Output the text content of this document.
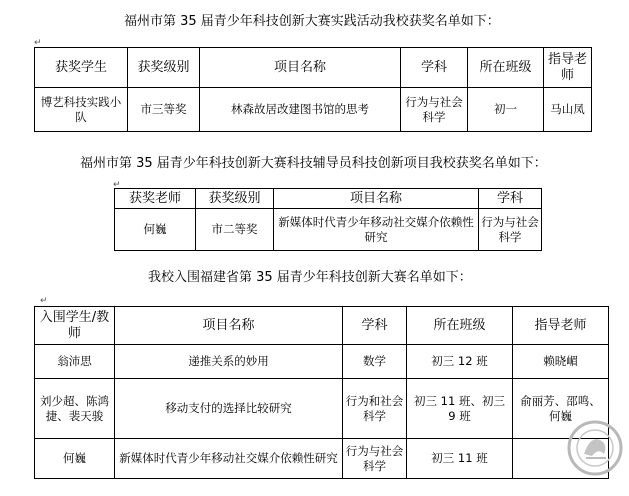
福州市第 35 届青少年科技创新大赛实践活动我校获奖名单如下：
↵
获奖学生	获奖级别	项目名称	学科	所在班级	指导老师
博艺科技实践小队	市三等奖	林森故居改建图书馆的思考	行为与社会科学	初一	马山凤
福州市第 35 届青少年科技创新大赛科技辅导员科技创新项目我校获奖名单如下：
↵
获奖老师	获奖级别	项目名称	学科
何巍	市二等奖	新媒体时代青少年移动社交媒介依赖性研究	行为与社会科学
我校入围福建省第 35 届青少年科技创新大赛名单如下：
↵
入围学生/教师	项目名称	学科	所在班级	指导老师
翁沛思	递推关系的妙用	数学	初三 12 班	赖晓嵋
刘少超、陈鸿捷、裴天骏	移动支付的选择比较研究	行为和社会科学	初三 11 班、初三 9 班	俞丽芳、邵鸣、何巍
何巍	新媒体时代青少年移动社交媒介依赖性研究	行为与社会科学	初三 11 班	
